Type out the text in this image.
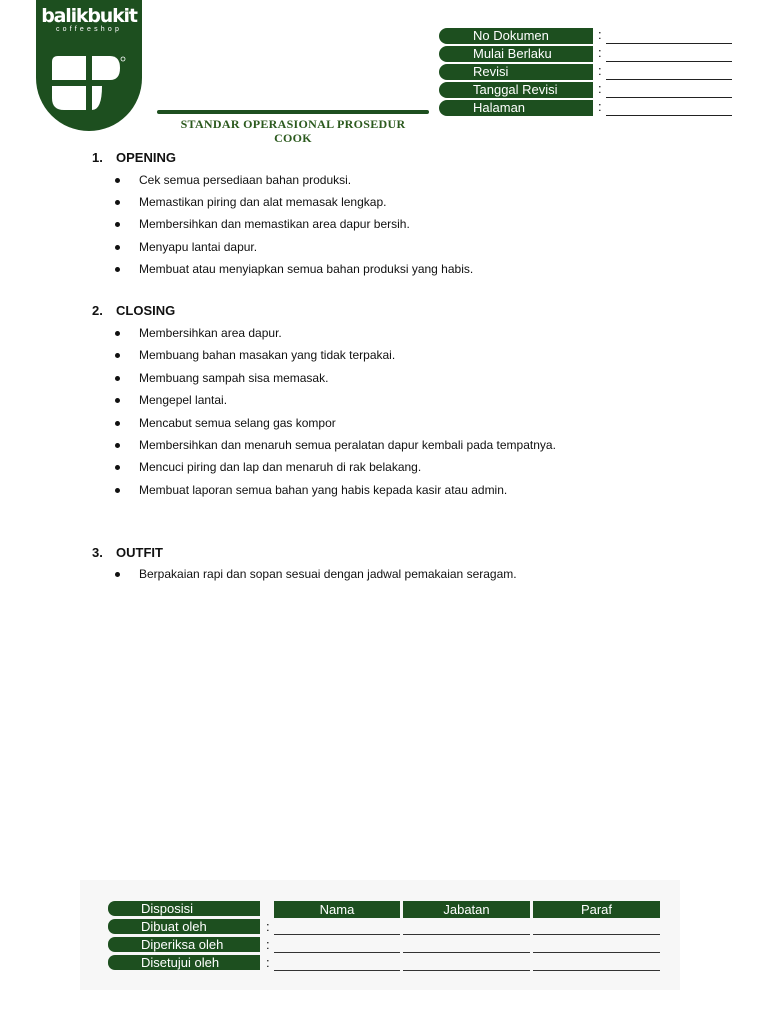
balikbukit
coffeeshop	No Dokumen	:
Mulai Berlaku	:
Revisi	:
Tanggal Revisi	:
Halaman	:
STANDAR OPERASIONAL PROSEDUR
COOK
1. OPENING
Cek semua persediaan bahan produksi.
Memastikan piring dan alat memasak lengkap.
Membersihkan dan memastikan area dapur bersih.
Menyapu lantai dapur.
Membuat atau menyiapkan semua bahan produksi yang habis.
2. CLOSING
Membersihkan area dapur.
Membuang bahan masakan yang tidak terpakai.
Membuang sampah sisa memasak.
Mengepel lantai.
Mencabut semua selang gas kompor
Membersihkan dan menaruh semua peralatan dapur kembali pada tempatnya.
Mencuci piring dan lap dan menaruh di rak belakang.
Membuat laporan semua bahan yang habis kepada kasir atau admin.
3. OUTFIT
Berpakaian rapi dan sopan sesuai dengan jadwal pemakaian seragam.
Disposisi	Nama	Jabatan	Paraf
Dibuat oleh	:
Diperiksa oleh	:
Disetujui oleh	:
